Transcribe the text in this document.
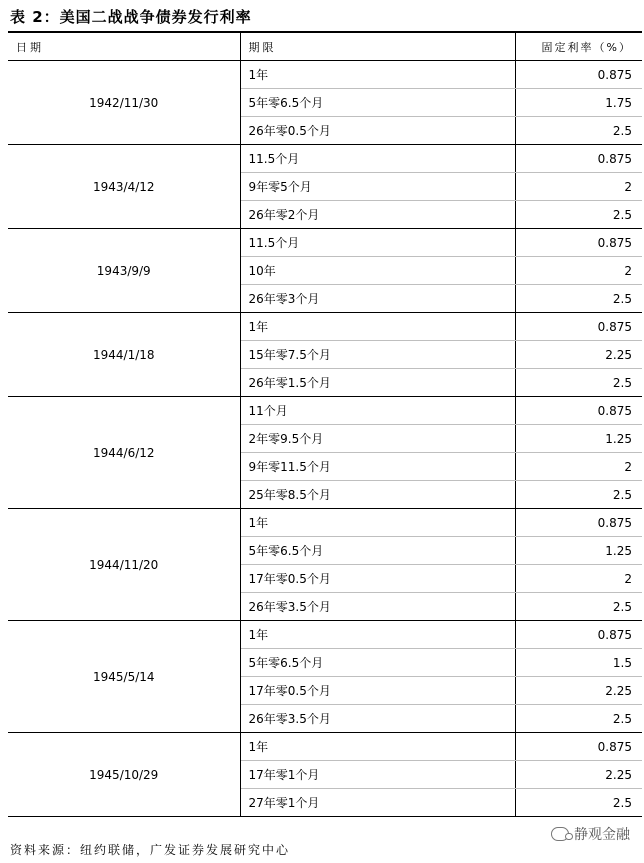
表 2：美国二战战争债券发行利率
日期	期限	固定利率（%）
1942/11/30	1年	0.875
	5年零6.5个月	1.75
	26年零0.5个月	2.5
1943/4/12	11.5个月	0.875
	9年零5个月	2
	26年零2个月	2.5
1943/9/9	11.5个月	0.875
	10年	2
	26年零3个月	2.5
1944/1/18	1年	0.875
	15年零7.5个月	2.25
	26年零1.5个月	2.5
1944/6/12	11个月	0.875
	2年零9.5个月	1.25
	9年零11.5个月	2
	25年零8.5个月	2.5
1944/11/20	1年	0.875
	5年零6.5个月	1.25
	17年零0.5个月	2
	26年零3.5个月	2.5
1945/5/14	1年	0.875
	5年零6.5个月	1.5
	17年零0.5个月	2.25
	26年零3.5个月	2.5
1945/10/29	1年	0.875
	17年零1个月	2.25
	27年零1个月	2.5
资料来源：纽约联储，广发证券发展研究中心
静观金融
